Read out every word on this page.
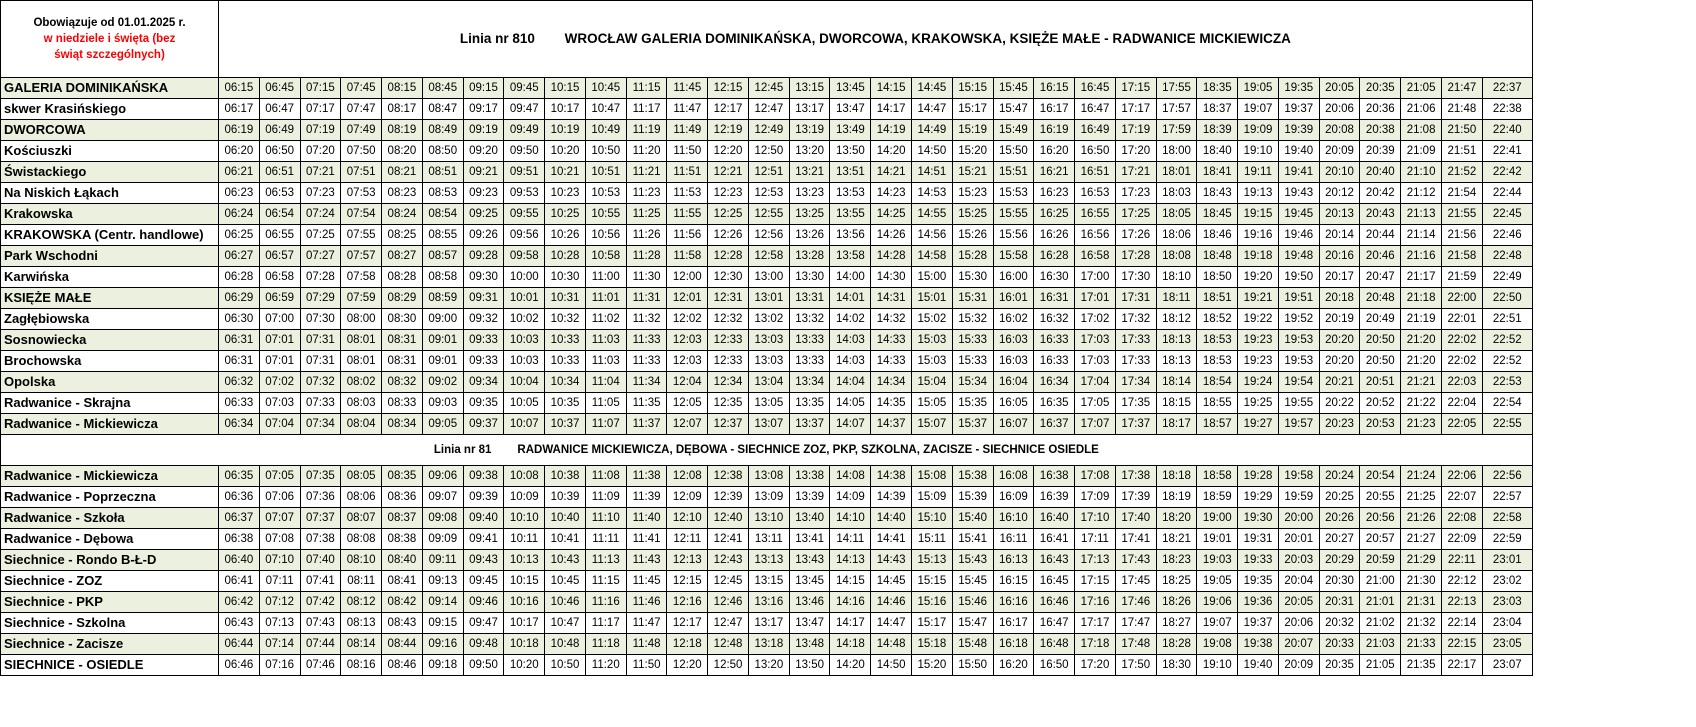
Obowiązuje od 01.01.2025 r.
w niedziele i święta (bez
świąt szczególnych)	Linia nr 810 WROCŁAW GALERIA DOMINIKAŃSKA, DWORCOWA, KRAKOWSKA, KSIĘŻE MAŁE - RADWANICE MICKIEWICZA																															
GALERIA DOMINIKAŃSKA	06:15	06:45	07:15	07:45	08:15	08:45	09:15	09:45	10:15	10:45	11:15	11:45	12:15	12:45	13:15	13:45	14:15	14:45	15:15	15:45	16:15	16:45	17:15	17:55	18:35	19:05	19:35	20:05	20:35	21:05	21:47	22:37
skwer Krasińskiego	06:17	06:47	07:17	07:47	08:17	08:47	09:17	09:47	10:17	10:47	11:17	11:47	12:17	12:47	13:17	13:47	14:17	14:47	15:17	15:47	16:17	16:47	17:17	17:57	18:37	19:07	19:37	20:06	20:36	21:06	21:48	22:38
DWORCOWA	06:19	06:49	07:19	07:49	08:19	08:49	09:19	09:49	10:19	10:49	11:19	11:49	12:19	12:49	13:19	13:49	14:19	14:49	15:19	15:49	16:19	16:49	17:19	17:59	18:39	19:09	19:39	20:08	20:38	21:08	21:50	22:40
Kościuszki	06:20	06:50	07:20	07:50	08:20	08:50	09:20	09:50	10:20	10:50	11:20	11:50	12:20	12:50	13:20	13:50	14:20	14:50	15:20	15:50	16:20	16:50	17:20	18:00	18:40	19:10	19:40	20:09	20:39	21:09	21:51	22:41
Świstackiego	06:21	06:51	07:21	07:51	08:21	08:51	09:21	09:51	10:21	10:51	11:21	11:51	12:21	12:51	13:21	13:51	14:21	14:51	15:21	15:51	16:21	16:51	17:21	18:01	18:41	19:11	19:41	20:10	20:40	21:10	21:52	22:42
Na Niskich Łąkach	06:23	06:53	07:23	07:53	08:23	08:53	09:23	09:53	10:23	10:53	11:23	11:53	12:23	12:53	13:23	13:53	14:23	14:53	15:23	15:53	16:23	16:53	17:23	18:03	18:43	19:13	19:43	20:12	20:42	21:12	21:54	22:44
Krakowska	06:24	06:54	07:24	07:54	08:24	08:54	09:25	09:55	10:25	10:55	11:25	11:55	12:25	12:55	13:25	13:55	14:25	14:55	15:25	15:55	16:25	16:55	17:25	18:05	18:45	19:15	19:45	20:13	20:43	21:13	21:55	22:45
KRAKOWSKA (Centr. handlowe)	06:25	06:55	07:25	07:55	08:25	08:55	09:26	09:56	10:26	10:56	11:26	11:56	12:26	12:56	13:26	13:56	14:26	14:56	15:26	15:56	16:26	16:56	17:26	18:06	18:46	19:16	19:46	20:14	20:44	21:14	21:56	22:46
Park Wschodni	06:27	06:57	07:27	07:57	08:27	08:57	09:28	09:58	10:28	10:58	11:28	11:58	12:28	12:58	13:28	13:58	14:28	14:58	15:28	15:58	16:28	16:58	17:28	18:08	18:48	19:18	19:48	20:16	20:46	21:16	21:58	22:48
Karwińska	06:28	06:58	07:28	07:58	08:28	08:58	09:30	10:00	10:30	11:00	11:30	12:00	12:30	13:00	13:30	14:00	14:30	15:00	15:30	16:00	16:30	17:00	17:30	18:10	18:50	19:20	19:50	20:17	20:47	21:17	21:59	22:49
KSIĘŻE MAŁE	06:29	06:59	07:29	07:59	08:29	08:59	09:31	10:01	10:31	11:01	11:31	12:01	12:31	13:01	13:31	14:01	14:31	15:01	15:31	16:01	16:31	17:01	17:31	18:11	18:51	19:21	19:51	20:18	20:48	21:18	22:00	22:50
Zagłębiowska	06:30	07:00	07:30	08:00	08:30	09:00	09:32	10:02	10:32	11:02	11:32	12:02	12:32	13:02	13:32	14:02	14:32	15:02	15:32	16:02	16:32	17:02	17:32	18:12	18:52	19:22	19:52	20:19	20:49	21:19	22:01	22:51
Sosnowiecka	06:31	07:01	07:31	08:01	08:31	09:01	09:33	10:03	10:33	11:03	11:33	12:03	12:33	13:03	13:33	14:03	14:33	15:03	15:33	16:03	16:33	17:03	17:33	18:13	18:53	19:23	19:53	20:20	20:50	21:20	22:02	22:52
Brochowska	06:31	07:01	07:31	08:01	08:31	09:01	09:33	10:03	10:33	11:03	11:33	12:03	12:33	13:03	13:33	14:03	14:33	15:03	15:33	16:03	16:33	17:03	17:33	18:13	18:53	19:23	19:53	20:20	20:50	21:20	22:02	22:52
Opolska	06:32	07:02	07:32	08:02	08:32	09:02	09:34	10:04	10:34	11:04	11:34	12:04	12:34	13:04	13:34	14:04	14:34	15:04	15:34	16:04	16:34	17:04	17:34	18:14	18:54	19:24	19:54	20:21	20:51	21:21	22:03	22:53
Radwanice - Skrajna	06:33	07:03	07:33	08:03	08:33	09:03	09:35	10:05	10:35	11:05	11:35	12:05	12:35	13:05	13:35	14:05	14:35	15:05	15:35	16:05	16:35	17:05	17:35	18:15	18:55	19:25	19:55	20:22	20:52	21:22	22:04	22:54
Radwanice - Mickiewicza	06:34	07:04	07:34	08:04	08:34	09:05	09:37	10:07	10:37	11:07	11:37	12:07	12:37	13:07	13:37	14:07	14:37	15:07	15:37	16:07	16:37	17:07	17:37	18:17	18:57	19:27	19:57	20:23	20:53	21:23	22:05	22:55
Linia nr 81 RADWANICE MICKIEWICZA, DĘBOWA - SIECHNICE ZOZ, PKP, SZKOLNA, ZACISZE - SIECHNICE OSIEDLE																																
Radwanice - Mickiewicza	06:35	07:05	07:35	08:05	08:35	09:06	09:38	10:08	10:38	11:08	11:38	12:08	12:38	13:08	13:38	14:08	14:38	15:08	15:38	16:08	16:38	17:08	17:38	18:18	18:58	19:28	19:58	20:24	20:54	21:24	22:06	22:56
Radwanice - Poprzeczna	06:36	07:06	07:36	08:06	08:36	09:07	09:39	10:09	10:39	11:09	11:39	12:09	12:39	13:09	13:39	14:09	14:39	15:09	15:39	16:09	16:39	17:09	17:39	18:19	18:59	19:29	19:59	20:25	20:55	21:25	22:07	22:57
Radwanice - Szkoła	06:37	07:07	07:37	08:07	08:37	09:08	09:40	10:10	10:40	11:10	11:40	12:10	12:40	13:10	13:40	14:10	14:40	15:10	15:40	16:10	16:40	17:10	17:40	18:20	19:00	19:30	20:00	20:26	20:56	21:26	22:08	22:58
Radwanice - Dębowa	06:38	07:08	07:38	08:08	08:38	09:09	09:41	10:11	10:41	11:11	11:41	12:11	12:41	13:11	13:41	14:11	14:41	15:11	15:41	16:11	16:41	17:11	17:41	18:21	19:01	19:31	20:01	20:27	20:57	21:27	22:09	22:59
Siechnice - Rondo B-Ł-D	06:40	07:10	07:40	08:10	08:40	09:11	09:43	10:13	10:43	11:13	11:43	12:13	12:43	13:13	13:43	14:13	14:43	15:13	15:43	16:13	16:43	17:13	17:43	18:23	19:03	19:33	20:03	20:29	20:59	21:29	22:11	23:01
Siechnice - ZOZ	06:41	07:11	07:41	08:11	08:41	09:13	09:45	10:15	10:45	11:15	11:45	12:15	12:45	13:15	13:45	14:15	14:45	15:15	15:45	16:15	16:45	17:15	17:45	18:25	19:05	19:35	20:04	20:30	21:00	21:30	22:12	23:02
Siechnice - PKP	06:42	07:12	07:42	08:12	08:42	09:14	09:46	10:16	10:46	11:16	11:46	12:16	12:46	13:16	13:46	14:16	14:46	15:16	15:46	16:16	16:46	17:16	17:46	18:26	19:06	19:36	20:05	20:31	21:01	21:31	22:13	23:03
Siechnice - Szkolna	06:43	07:13	07:43	08:13	08:43	09:15	09:47	10:17	10:47	11:17	11:47	12:17	12:47	13:17	13:47	14:17	14:47	15:17	15:47	16:17	16:47	17:17	17:47	18:27	19:07	19:37	20:06	20:32	21:02	21:32	22:14	23:04
Siechnice - Zacisze	06:44	07:14	07:44	08:14	08:44	09:16	09:48	10:18	10:48	11:18	11:48	12:18	12:48	13:18	13:48	14:18	14:48	15:18	15:48	16:18	16:48	17:18	17:48	18:28	19:08	19:38	20:07	20:33	21:03	21:33	22:15	23:05
SIECHNICE - OSIEDLE	06:46	07:16	07:46	08:16	08:46	09:18	09:50	10:20	10:50	11:20	11:50	12:20	12:50	13:20	13:50	14:20	14:50	15:20	15:50	16:20	16:50	17:20	17:50	18:30	19:10	19:40	20:09	20:35	21:05	21:35	22:17	23:07
